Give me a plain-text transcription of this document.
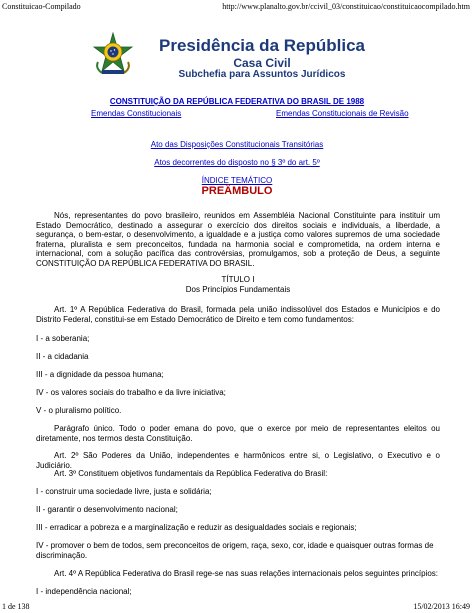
Constituicao-Compilado	http://www.planalto.gov.br/ccivil_03/constituicao/constituicaocompilado.htm
Presidência da República
Casa Civil
Subchefia para Assuntos Jurídicos
CONSTITUIÇÃO DA REPÚBLICA FEDERATIVA DO BRASIL DE 1988
Emendas Constitucionais	Emendas Constitucionais de Revisão
Ato das Disposições Constitucionais Transitórias
Atos decorrentes do disposto no § 3º do art. 5º
ÍNDICE TEMÁTICO
PREÂMBULO

Nós, representantes do povo brasileiro, reunidos em Assembléia Nacional Constituinte para instituir um Estado Democrático, destinado a assegurar o exercício dos direitos sociais e individuais, a liberdade, a segurança, o bem-estar, o desenvolvimento, a igualdade e a justiça como valores supremos de uma sociedade fraterna, pluralista e sem preconceitos, fundada na harmonia social e comprometida, na ordem interna e internacional, com a solução pacífica das controvérsias, promulgamos, sob a proteção de Deus, a seguinte CONSTITUIÇÃO DA REPÚBLICA FEDERATIVA DO BRASIL.

TÍTULO I

Dos Princípios Fundamentais

Art. 1º A República Federativa do Brasil, formada pela união indissolúvel dos Estados e Municípios e do Distrito Federal, constitui-se em Estado Democrático de Direito e tem como fundamentos:

I - a soberania;
II - a cidadania
III - a dignidade da pessoa humana;
IV - os valores sociais do trabalho e da livre iniciativa;
V - o pluralismo político.

Parágrafo único. Todo o poder emana do povo, que o exerce por meio de representantes eleitos ou diretamente, nos termos desta Constituição.

Art. 2º São Poderes da União, independentes e harmônicos entre si, o Legislativo, o Executivo e o Judiciário.

Art. 3º Constituem objetivos fundamentais da República Federativa do Brasil:

I - construir uma sociedade livre, justa e solidária;
II - garantir o desenvolvimento nacional;
III - erradicar a pobreza e a marginalização e reduzir as desigualdades sociais e regionais;

IV - promover o bem de todos, sem preconceitos de origem, raça, sexo, cor, idade e quaisquer outras formas de discriminação.

Art. 4º A República Federativa do Brasil rege-se nas suas relações internacionais pelos seguintes princípios:

I - independência nacional;
1 de 138	15/02/2013 16:49
